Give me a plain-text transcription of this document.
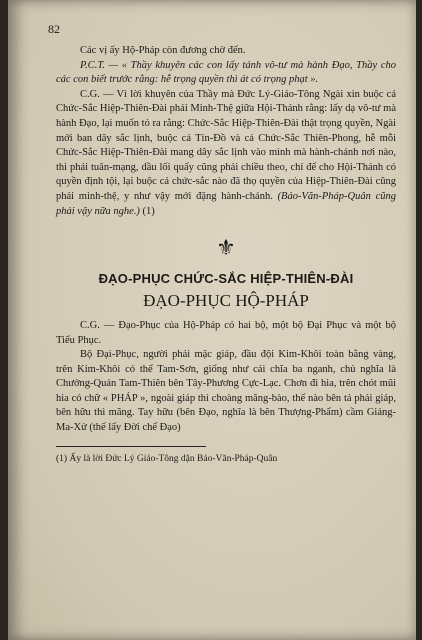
82

Các vị ấy Hộ-Pháp còn đương chờ đến.

P.C.T. — « Thầy khuyên các con lấy tánh vô-tư mà hành Đạo, Thầy cho các con biết trước rằng: hễ trọng quyền thì át có trọng phạt ».

C.G. — Vì lời khuyên của Thầy mà Đức Lý-Giáo-Tông Ngài xin buộc cả Chức-Sắc Hiệp-Thiên-Đài phải Minh-Thệ giữa Hội-Thánh rằng: lấy dạ vô-tư mà hành Đạo, lại muốn tỏ ra rằng: Chức-Sắc Hiệp-Thiên-Đài thật trọng quyền, Ngài mới ban dây sắc lịnh, buộc cả Tín-Đồ và cả Chức-Sắc Thiên-Phong, hễ mỗi Chức-Sắc Hiệp-Thiên-Đài mang dây sắc lịnh vào mình mà hành-chánh nơi nào, thì phải tuân-mạng, dầu lối quấy cũng phải chiều theo, chỉ để cho Hội-Thánh có quyền định tội, lại buộc cả chức-sắc nào đã thọ quyền của Hiệp-Thiên-Đài cũng phải minh-thệ, y như vậy mới đặng hành-chánh. (Bảo-Văn-Pháp-Quân cũng phải vậy nữa nghe.) (1)

⚜
ĐẠO-PHỤC CHỨC-SẮC HIỆP-THIÊN-ĐÀI
ĐẠO-PHỤC HỘ-PHÁP

C.G. — Đạo-Phục của Hộ-Pháp có hai bộ, một bộ Đại Phục và một bộ Tiểu Phục.

Bộ Đại-Phục, người phải mặc giáp, đầu đội Kim-Khôi toàn bằng vàng, trên Kim-Khôi có thể Tam-Sơn, giống như cái chĩa ba nganh, chủ nghĩa là Chưởng-Quản Tam-Thiên bên Tây-Phương Cực-Lạc. Chơn đi hia, trên chót mũi hia có chữ « PHÁP », ngoài giáp thì choàng mãng-bào, thế nào bên tả phải giáp, bên hữu thì mãng. Tay hữu (bên Đạo, nghĩa là bên Thượng-Phẩm) cầm Giáng-Ma-Xử (thế lấy Đời chế Đạo)

(1) Ấy là lời Đức Lý Giáo-Tông dặn Bảo-Văn-Pháp-Quân
